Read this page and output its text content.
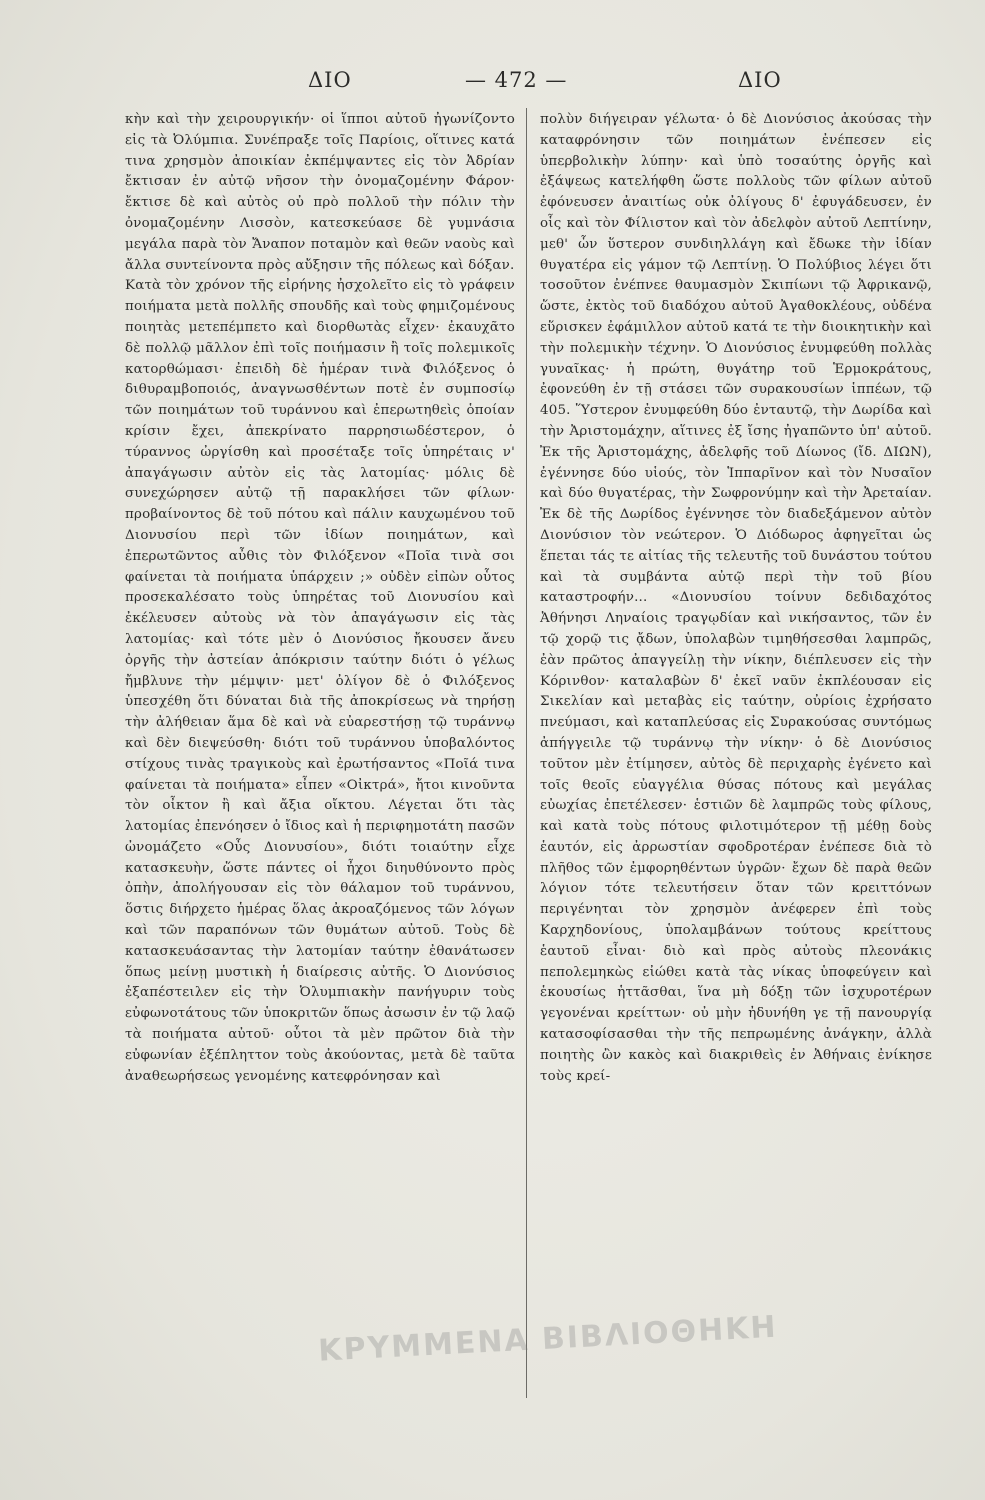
ΔΙΟ	— 472 —	ΔΙΟ

κὴν καὶ τὴν χειρουργικήν· οἱ ἵπποι αὐτοῦ ἠγωνίζοντο εἰς τὰ Ὀλύμπια. Συνέπραξε τοῖς Παρίοις, οἵτινες κατά τινα χρησμὸν ἀποικίαν ἐκπέμψαντες εἰς τὸν Ἀδρίαν ἔκτισαν ἐν αὐτῷ νῆσον τὴν ὀνομαζομένην Φάρον· ἔκτισε δὲ καὶ αὐτὸς οὐ πρὸ πολλοῦ τὴν πόλιν τὴν ὀνομαζομένην Λισσὸν, κατεσκεύασε δὲ γυμνάσια μεγάλα παρὰ τὸν Ἄναπον ποταμὸν καὶ θεῶν ναοὺς καὶ ἄλλα συντείνοντα πρὸς αὔξησιν τῆς πόλεως καὶ δόξαν.

Κατὰ τὸν χρόνον τῆς εἰρήνης ἠσχολεῖτο εἰς τὸ γράφειν ποιήματα μετὰ πολλῆς σπουδῆς καὶ τοὺς φημιζομένους ποιητὰς μετεπέμπετο καὶ διορθωτὰς εἶχεν· ἐκαυχᾶτο δὲ πολλῷ μᾶλλον ἐπὶ τοῖς ποιήμασιν ἢ τοῖς πολεμικοῖς κατορθώμασι· ἐπειδὴ δὲ ἡμέραν τινὰ Φιλόξενος ὁ διθυραμβοποιός, ἀναγνωσθέντων ποτὲ ἐν συμποσίῳ τῶν ποιημάτων τοῦ τυράννου καὶ ἐπερωτηθεὶς ὁποίαν κρίσιν ἔχει, ἀπεκρίνατο παρρησιωδέστερον, ὁ τύραννος ὠργίσθη καὶ προσέταξε τοῖς ὑπηρέταις ν' ἀπαγάγωσιν αὐτὸν εἰς τὰς λατομίας· μόλις δὲ συνεχώρησεν αὐτῷ τῇ παρακλήσει τῶν φίλων· προβαίνοντος δὲ τοῦ πότου καὶ πάλιν καυχωμένου τοῦ Διονυσίου περὶ τῶν ἰδίων ποιημάτων, καὶ ἐπερωτῶντος αὖθις τὸν Φιλόξενον «Ποῖα τινὰ σοι φαίνεται τὰ ποιήματα ὑπάρχειν ;» οὐδὲν εἰπὼν οὗτος προσεκαλέσατο τοὺς ὑπηρέτας τοῦ Διονυσίου καὶ ἐκέλευσεν αὐτοὺς νὰ τὸν ἀπαγάγωσιν εἰς τὰς λατομίας· καὶ τότε μὲν ὁ Διονύσιος ἤκουσεν ἄνευ ὀργῆς τὴν ἀστείαν ἀπόκρισιν ταύτην διότι ὁ γέλως ἤμβλυνε τὴν μέμψιν· μετ' ὀλίγον δὲ ὁ Φιλόξενος ὑπεσχέθη ὅτι δύναται διὰ τῆς ἀποκρίσεως νὰ τηρήσῃ τὴν ἀλήθειαν ἅμα δὲ καὶ νὰ εὐαρεστήσῃ τῷ τυράννῳ καὶ δὲν διεψεύσθη· διότι τοῦ τυράννου ὑποβαλόντος στίχους τινὰς τραγικοὺς καὶ ἐρωτήσαντος «Ποῖά τινα φαίνεται τὰ ποιήματα» εἶπεν «Οἰκτρά», ἤτοι κινοῦντα τὸν οἶκτον ἢ καὶ ἄξια οἴκτου. Λέγεται ὅτι τὰς λατομίας ἐπενόησεν ὁ ἴδιος καὶ ἡ περιφημοτάτη πασῶν ὠνομάζετο «Οὖς Διονυσίου», διότι τοιαύτην εἶχε κατασκευὴν, ὥστε πάντες οἱ ἦχοι διηυθύνοντο πρὸς ὀπὴν, ἀπολήγουσαν εἰς τὸν θάλαμον τοῦ τυράννου, ὅστις διήρχετο ἡμέρας ὅλας ἀκροαζόμενος τῶν λόγων καὶ τῶν παραπόνων τῶν θυμάτων αὐτοῦ. Τοὺς δὲ κατασκευάσαντας τὴν λατομίαν ταύτην ἐθανάτωσεν ὅπως μείνῃ μυστικὴ ἡ διαίρεσις αὐτῆς. Ὁ Διονύσιος ἐξαπέστειλεν εἰς τὴν Ὀλυμπιακὴν πανήγυριν τοὺς εὐφωνοτάτους τῶν ὑποκριτῶν ὅπως ἀσωσιν ἐν τῷ λαῷ τὰ ποιήματα αὐτοῦ· οὗτοι τὰ μὲν πρῶτον διὰ τὴν εὐφωνίαν ἐξέπληττον τοὺς ἀκούοντας, μετὰ δὲ ταῦτα ἀναθεωρήσεως γενομένης κατεφρόνησαν καὶ

πολὺν διήγειραν γέλωτα· ὁ δὲ Διονύσιος ἀκούσας τὴν καταφρόνησιν τῶν ποιημάτων ἐνέπεσεν εἰς ὑπερβολικὴν λύπην· καὶ ὑπὸ τοσαύτης ὀργῆς καὶ ἐξάψεως κατελήφθη ὥστε πολλοὺς τῶν φίλων αὐτοῦ ἐφόνευσεν ἀναιτίως οὐκ ὀλίγους δ' ἐφυγάδευσεν, ἐν οἷς καὶ τὸν Φίλιστον καὶ τὸν ἀδελφὸν αὐτοῦ Λεπτίνην, μεθ' ὧν ὕστερον συνδιηλλάγη καὶ ἔδωκε τὴν ἰδίαν θυγατέρα εἰς γάμον τῷ Λεπτίνῃ. Ὁ Πολύβιος λέγει ὅτι τοσοῦτον ἐνέπνεε θαυμασμὸν Σκιπίωνι τῷ Ἀφρικανῷ, ὥστε, ἐκτὸς τοῦ διαδόχου αὐτοῦ Ἀγαθοκλέους, οὐδένα εὕρισκεν ἐφάμιλλον αὐτοῦ κατά τε τὴν διοικητικὴν καὶ τὴν πολεμικὴν τέχνην. Ὁ Διονύσιος ἐνυμφεύθη πολλὰς γυναῖκας· ἡ πρώτη, θυγάτηρ τοῦ Ἑρμοκράτους, ἐφονεύθη ἐν τῇ στάσει τῶν συρακουσίων ἱππέων, τῷ 405. Ὕστερον ἐνυμφεύθη δύο ἐνταυτῷ, τὴν Δωρίδα καὶ τὴν Ἀριστομάχην, αἵτινες ἐξ ἴσης ἠγαπῶντο ὑπ' αὐτοῦ. Ἐκ τῆς Ἀριστομάχης, ἀδελφῆς τοῦ Δίωνος (ἴδ. ΔΙΩΝ), ἐγέννησε δύο υἱούς, τὸν Ἱππαρῖνον καὶ τὸν Νυσαῖον καὶ δύο θυγατέρας, τὴν Σωφρονύμην καὶ τὴν Ἀρεταίαν. Ἐκ δὲ τῆς Δωρίδος ἐγέννησε τὸν διαδεξάμενον αὐτὸν Διονύσιον τὸν νεώτερον. Ὁ Διόδωρος ἀφηγεῖται ὡς ἕπεται τάς τε αἰτίας τῆς τελευτῆς τοῦ δυνάστου τούτου καὶ τὰ συμβάντα αὐτῷ περὶ τὴν τοῦ βίου καταστροφήν... «Διονυσίου τοίνυν δεδιδαχότος Ἀθήνησι Ληναίοις τραγῳδίαν καὶ νικήσαντος, τῶν ἐν τῷ χορῷ τις ᾄδων, ὑπολαβὼν τιμηθήσεσθαι λαμπρῶς, ἐὰν πρῶτος ἀπαγγείλῃ τὴν νίκην, διέπλευσεν εἰς τὴν Κόρινθον· καταλαβὼν δ' ἐκεῖ ναῦν ἐκπλέουσαν εἰς Σικελίαν καὶ μεταβὰς εἰς ταύτην, οὐρίοις ἐχρήσατο πνεύμασι, καὶ καταπλεύσας εἰς Συρακούσας συντόμως ἀπήγγειλε τῷ τυράννῳ τὴν νίκην· ὁ δὲ Διονύσιος τοῦτον μὲν ἐτίμησεν, αὐτὸς δὲ περιχαρὴς ἐγένετο καὶ τοῖς θεοῖς εὐαγγέλια θύσας πότους καὶ μεγάλας εὐωχίας ἐπετέλεσεν· ἑστιῶν δὲ λαμπρῶς τοὺς φίλους, καὶ κατὰ τοὺς πότους φιλοτιμότερον τῇ μέθῃ δοὺς ἑαυτόν, εἰς ἀρρωστίαν σφοδροτέραν ἐνέπεσε διὰ τὸ πλῆθος τῶν ἐμφορηθέντων ὑγρῶν· ἔχων δὲ παρὰ θεῶν λόγιον τότε τελευτήσειν ὅταν τῶν κρειττόνων περιγένηται τὸν χρησμὸν ἀνέφερεν ἐπὶ τοὺς Καρχηδονίους, ὑπολαμβάνων τούτους κρείττους ἑαυτοῦ εἶναι· διὸ καὶ πρὸς αὐτοὺς πλεονάκις πεπολεμηκὼς εἰώθει κατὰ τὰς νίκας ὑποφεύγειν καὶ ἑκουσίως ἡττᾶσθαι, ἵνα μὴ δόξῃ τῶν ἰσχυροτέρων γεγονέναι κρείττων· οὐ μὴν ἠδυνήθη γε τῇ πανουργίᾳ κατασοφίσασθαι τὴν τῆς πεπρωμένης ἀνάγκην, ἀλλὰ ποιητὴς ὢν κακὸς καὶ διακριθεὶς ἐν Ἀθήναις ἐνίκησε τοὺς κρεί-

ΚΡΥΜΜΕΝΑ ΒΙΒΛΙΟΘΗΚΗ
